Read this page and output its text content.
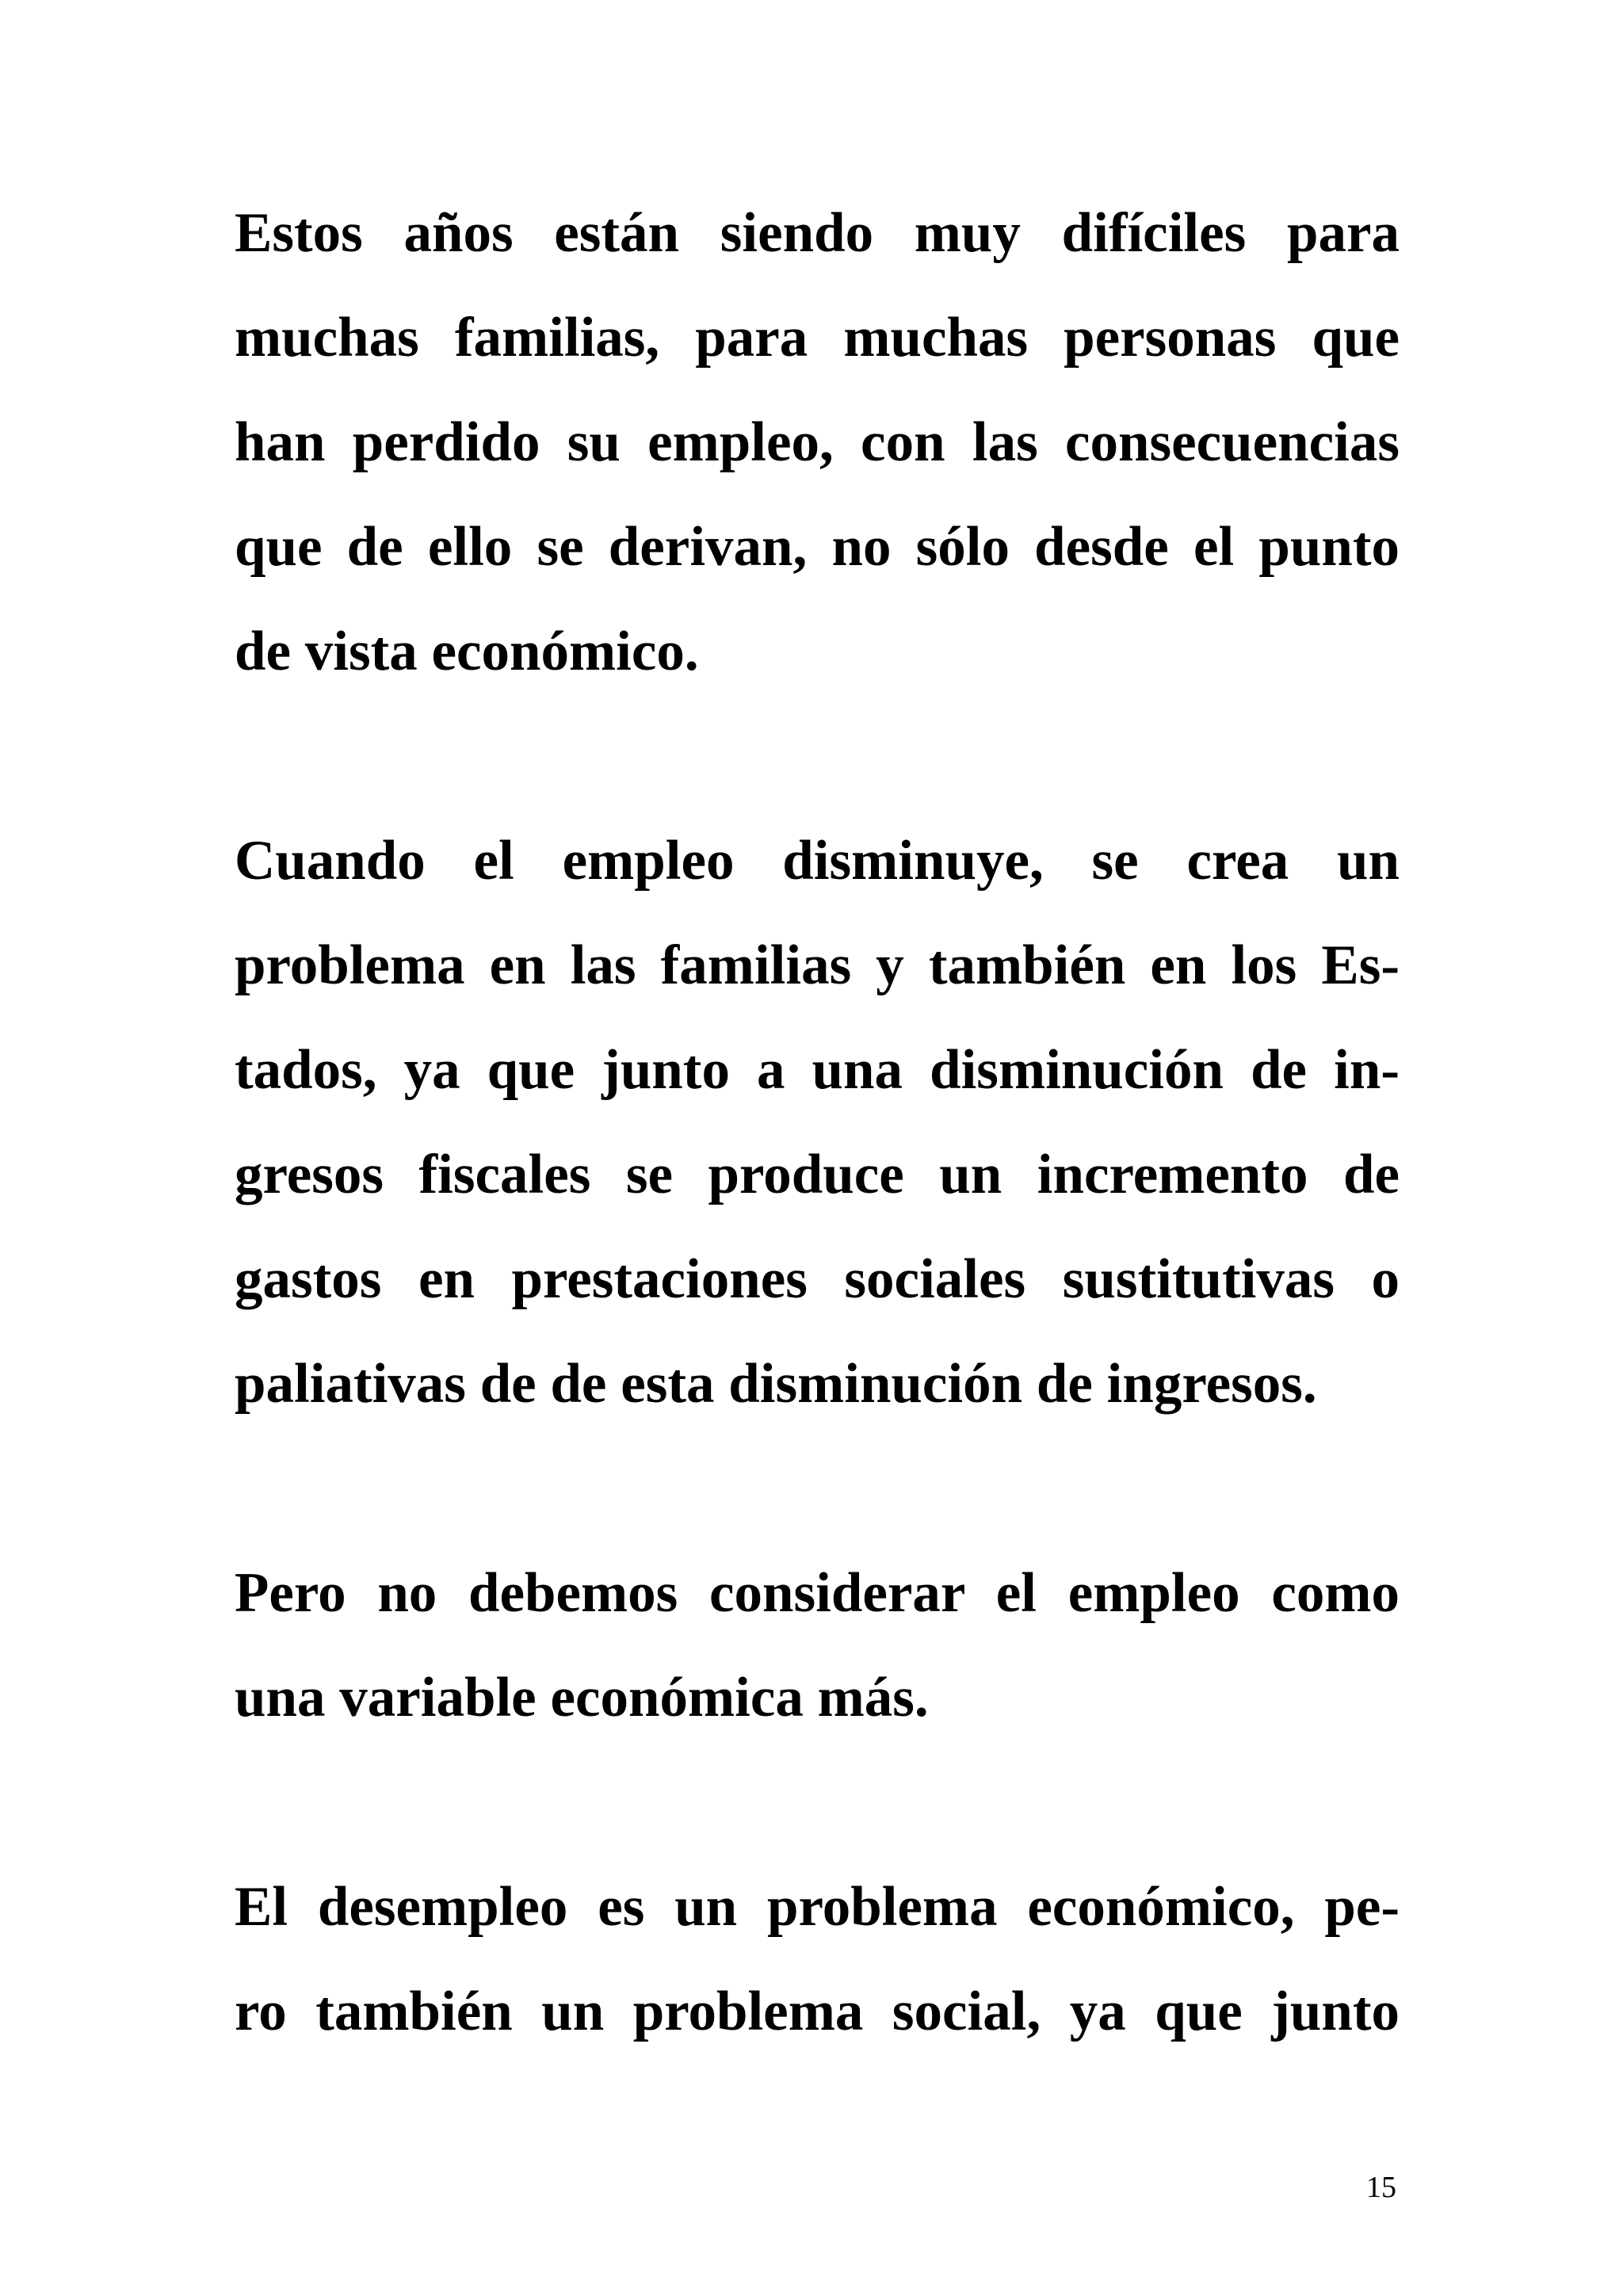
Estos años están siendo muy difíciles para
muchas familias, para muchas personas que
han perdido su empleo, con las consecuencias
que de ello se derivan, no sólo desde el punto
de vista económico.
Cuando el empleo disminuye, se crea un
problema en las familias y también en los Es-
tados, ya que junto a una disminución de in-
gresos fiscales se produce un incremento de
gastos en prestaciones sociales sustitutivas o
paliativas de de esta disminución de ingresos.
Pero no debemos considerar el empleo como
una variable económica más.
El desempleo es un problema económico, pe-
ro también un problema social, ya que junto
15
